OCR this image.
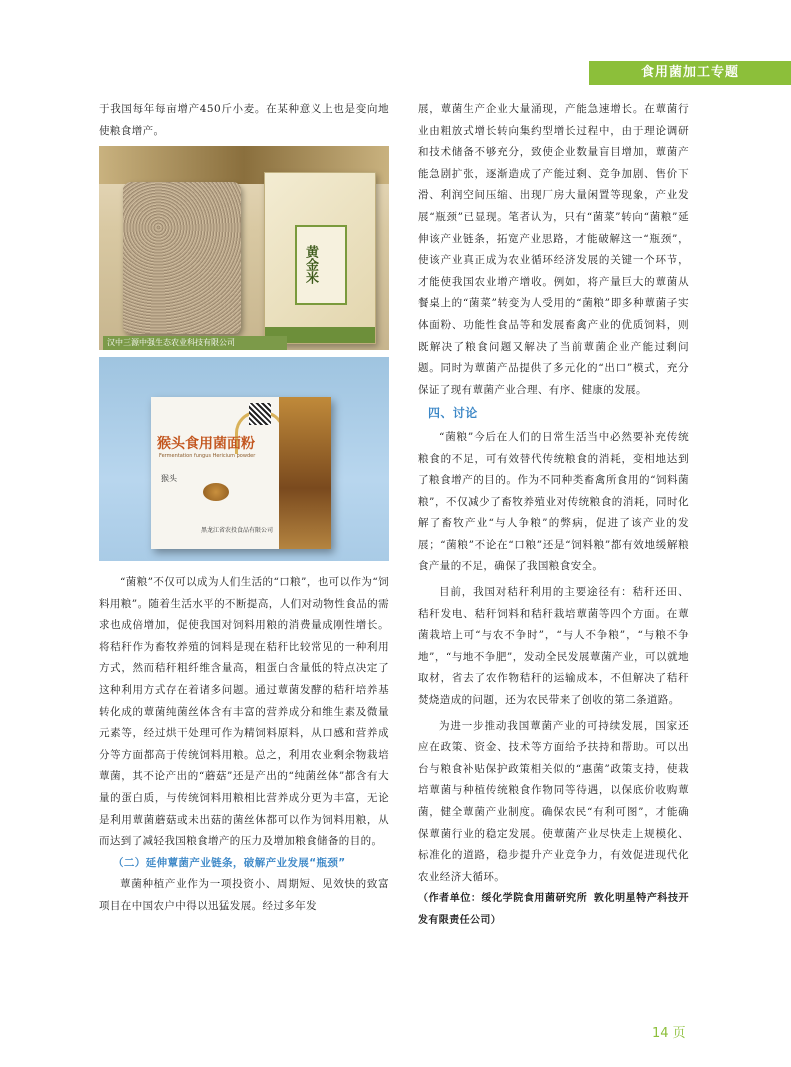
食用菌加工专题

于我国每年每亩增产450斤小麦。在某种意义上也是变向地使粮食增产。

黄金米
汉中三源中强生态农业科技有限公司
猴头食用菌面粉
Fermentation fungus Hericium powder
猴头
黑龙江省农投食品有限公司

“菌粮”不仅可以成为人们生活的“口粮”，也可以作为“饲料用粮”。随着生活水平的不断提高，人们对动物性食品的需求也成倍增加，促使我国对饲料用粮的消费量成刚性增长。将秸秆作为畜牧养殖的饲料是现在秸秆比较常见的一种利用方式，然而秸秆粗纤维含量高，粗蛋白含量低的特点决定了这种利用方式存在着诸多问题。通过蕈菌发酵的秸秆培养基转化成的蕈菌纯菌丝体含有丰富的营养成分和维生素及微量元素等，经过烘干处理可作为精饲料原料，从口感和营养成分等方面都高于传统饲料用粮。总之，利用农业剩余物栽培蕈菌，其不论产出的“蘑菇”还是产出的“纯菌丝体”都含有大量的蛋白质，与传统饲料用粮相比营养成分更为丰富，无论是利用蕈菌蘑菇或未出菇的菌丝体都可以作为饲料用粮，从而达到了减轻我国粮食增产的压力及增加粮食储备的目的。

（二）延伸蕈菌产业链条，破解产业发展“瓶颈”

蕈菌种植产业作为一项投资小、周期短、见效快的致富项目在中国农户中得以迅猛发展。经过多年发

展，蕈菌生产企业大量涌现，产能急速增长。在蕈菌行业由粗放式增长转向集约型增长过程中，由于理论调研和技术储备不够充分，致使企业数量盲目增加，蕈菌产能急剧扩张，逐渐造成了产能过剩、竞争加剧、售价下滑、利润空间压缩、出现厂房大量闲置等现象，产业发展“瓶颈”已显现。笔者认为，只有“菌菜”转向“菌粮”延伸该产业链条，拓宽产业思路，才能破解这一“瓶颈”，使该产业真正成为农业循环经济发展的关键一个环节，才能使我国农业增产增收。例如，将产量巨大的蕈菌从餐桌上的“菌菜”转变为人受用的“菌粮”即多种蕈菌子实体面粉、功能性食品等和发展畜禽产业的优质饲料，则既解决了粮食问题又解决了当前蕈菌企业产能过剩问题。同时为蕈菌产品提供了多元化的“出口”模式，充分保证了现有蕈菌产业合理、有序、健康的发展。

四、讨论

“菌粮”今后在人们的日常生活当中必然要补充传统粮食的不足，可有效替代传统粮食的消耗，变相地达到了粮食增产的目的。作为不同种类畜禽所食用的“饲料菌粮”，不仅减少了畜牧养殖业对传统粮食的消耗，同时化解了畜牧产业“与人争粮”的弊病，促进了该产业的发展；“菌粮”不论在“口粮”还是“饲料粮”都有效地缓解粮食产量的不足，确保了我国粮食安全。

目前，我国对秸秆利用的主要途径有：秸秆还田、秸秆发电、秸秆饲料和秸秆栽培蕈菌等四个方面。在蕈菌栽培上可“与农不争时”，“与人不争粮”，“与粮不争地”，“与地不争肥”，发动全民发展蕈菌产业，可以就地取材，省去了农作物秸秆的运输成本，不但解决了秸秆焚烧造成的问题，还为农民带来了创收的第二条道路。

为进一步推动我国蕈菌产业的可持续发展，国家还应在政策、资金、技术等方面给予扶持和帮助。可以出台与粮食补贴保护政策相关似的“惠菌”政策支持，使栽培蕈菌与种植传统粮食作物同等待遇，以保底价收购蕈菌，健全蕈菌产业制度。确保农民“有利可图”，才能确保蕈菌行业的稳定发展。使蕈菌产业尽快走上规模化、标准化的道路，稳步提升产业竞争力，有效促进现代化农业经济大循环。

（作者单位：绥化学院食用菌研究所 敦化明星特产科技开发有限责任公司）

14 页
